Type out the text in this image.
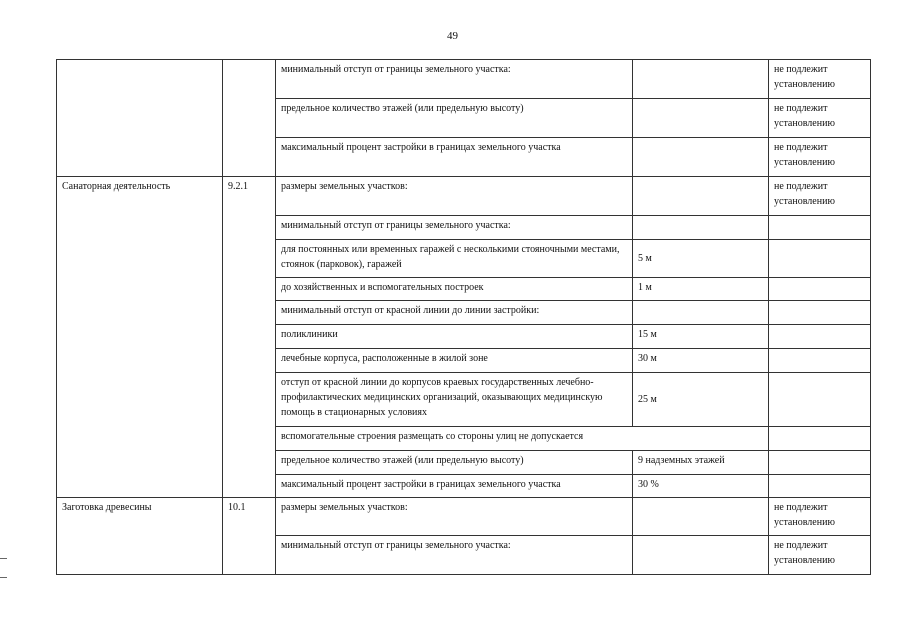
49
		минимальный отступ от границы земельного участка:		не подлежит установлению
		предельное количество этажей (или предельную высоту)		не подлежит установлению
		максимальный процент застройки в границах земельного участка		не подлежит установлению
Санаторная деятельность	9.2.1	размеры земельных участков:		не подлежит установлению
		минимальный отступ от границы земельного участка:		
		для постоянных или временных гаражей с несколькими стояночными местами, стоянок (парковок), гаражей	5 м	
		до хозяйственных и вспомогательных построек	1 м	
		минимальный отступ от красной линии до линии застройки:		
		поликлиники	15 м	
		лечебные корпуса, расположенные в жилой зоне	30 м	
		отступ от красной линии до корпусов краевых государственных лечебно-профилактических медицинских организаций, оказывающих медицинскую помощь в стационарных условиях	25 м	
		вспомогательные строения размещать со стороны улиц не допускается		
		предельное количество этажей (или предельную высоту)	9 надземных этажей	
		максимальный процент застройки в границах земельного участка	30 %	
Заготовка древесины	10.1	размеры земельных участков:		не подлежит установлению
		минимальный отступ от границы земельного участка:		не подлежит установлению
